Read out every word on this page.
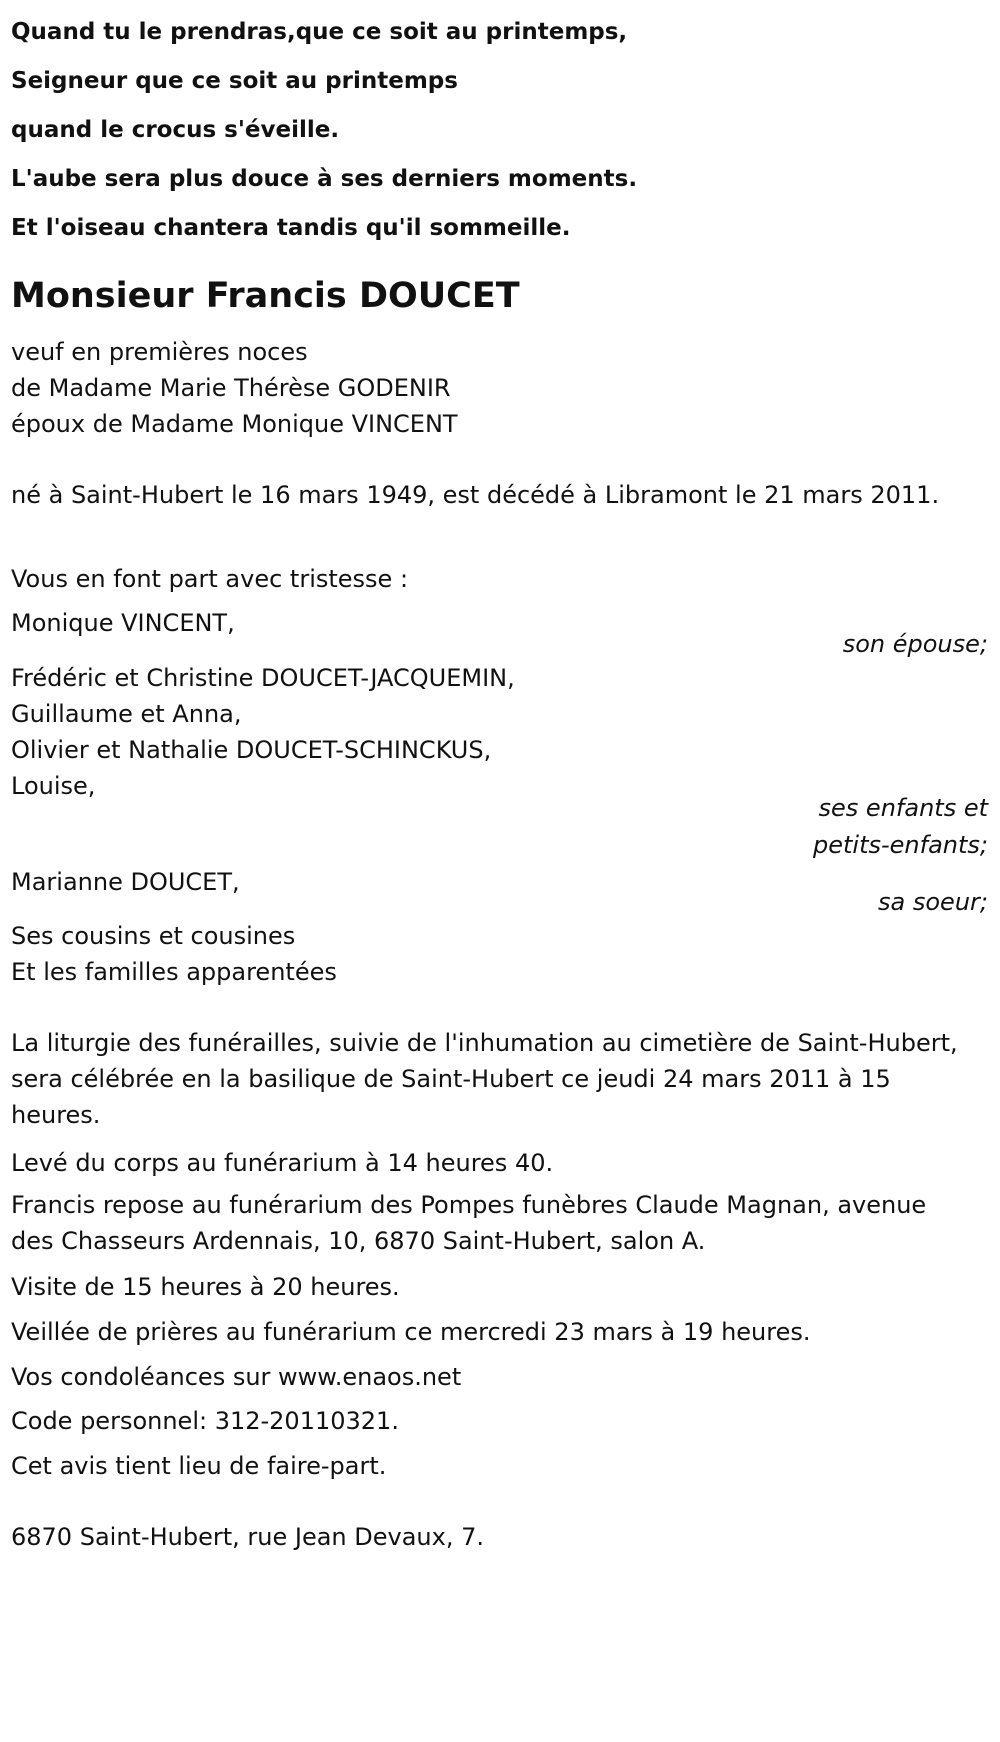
Quand tu le prendras,que ce soit au printemps,
Seigneur que ce soit au printemps
quand le crocus s'éveille.
L'aube sera plus douce à ses derniers moments.
Et l'oiseau chantera tandis qu'il sommeille.
Monsieur Francis DOUCET
veuf en premières noces
de Madame Marie Thérèse GODENIR
époux de Madame Monique VINCENT
né à Saint-Hubert le 16 mars 1949, est décédé à Libramont le 21 mars 2011.
Vous en font part avec tristesse :
Monique VINCENT,
son épouse;
Frédéric et Christine DOUCET-JACQUEMIN,
Guillaume et Anna,
Olivier et Nathalie DOUCET-SCHINCKUS,
Louise,
ses enfants et
petits-enfants;
Marianne DOUCET,
sa soeur;
Ses cousins et cousines
Et les familles apparentées
La liturgie des funérailles, suivie de l'inhumation au cimetière de Saint-Hubert, sera célébrée en la basilique de Saint-Hubert ce jeudi 24 mars 2011 à 15 heures.
Levé du corps au funérarium à 14 heures 40.
Francis repose au funérarium des Pompes funèbres Claude Magnan, avenue des Chasseurs Ardennais, 10, 6870 Saint-Hubert, salon A.
Visite de 15 heures à 20 heures.
Veillée de prières au funérarium ce mercredi 23 mars à 19 heures.
Vos condoléances sur www.enaos.net
Code personnel: 312-20110321.
Cet avis tient lieu de faire-part.
6870 Saint-Hubert, rue Jean Devaux, 7.
